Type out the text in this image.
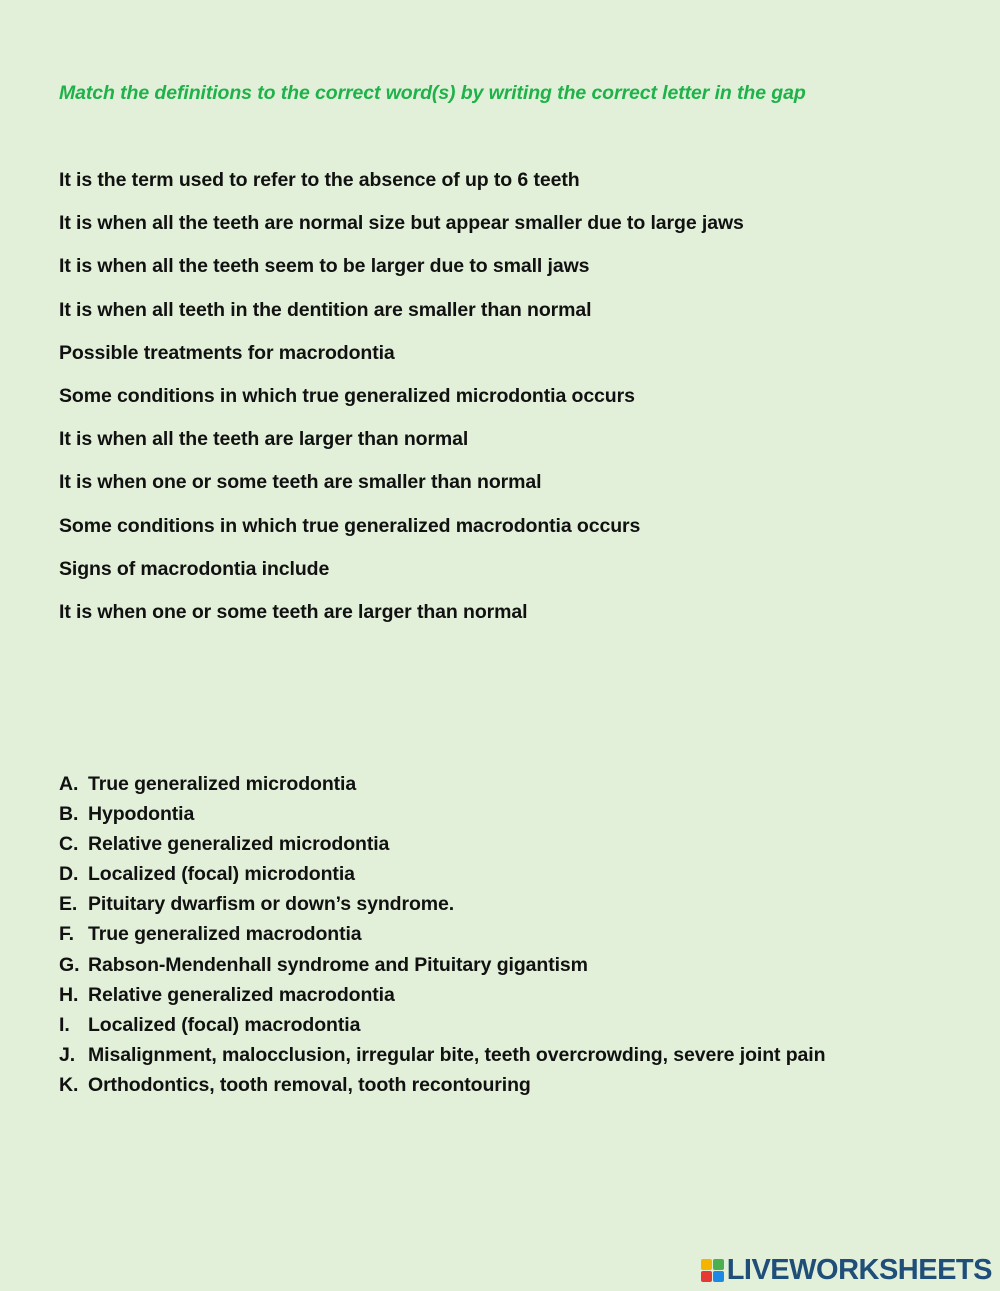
Match the definitions to the correct word(s) by writing the correct letter in the gap
It is the term used to refer to the absence of up to 6 teeth
It is when all the teeth are normal size but appear smaller due to large jaws
It is when all the teeth seem to be larger due to small jaws
It is when all teeth in the dentition are smaller than normal
Possible treatments for macrodontia
Some conditions in which true generalized microdontia occurs
It is when all the teeth are larger than normal
It is when one or some teeth are smaller than normal
Some conditions in which true generalized macrodontia occurs
Signs of macrodontia include
It is when one or some teeth are larger than normal
A. True generalized microdontia
B. Hypodontia
C. Relative generalized microdontia
D. Localized (focal) microdontia
E. Pituitary dwarfism or down’s syndrome.
F. True generalized macrodontia
G. Rabson-Mendenhall syndrome and Pituitary gigantism
H. Relative generalized macrodontia
I. Localized (focal) macrodontia
J. Misalignment, malocclusion, irregular bite, teeth overcrowding, severe joint pain
K. Orthodontics, tooth removal, tooth recontouring
LIVEWORKSHEETS
